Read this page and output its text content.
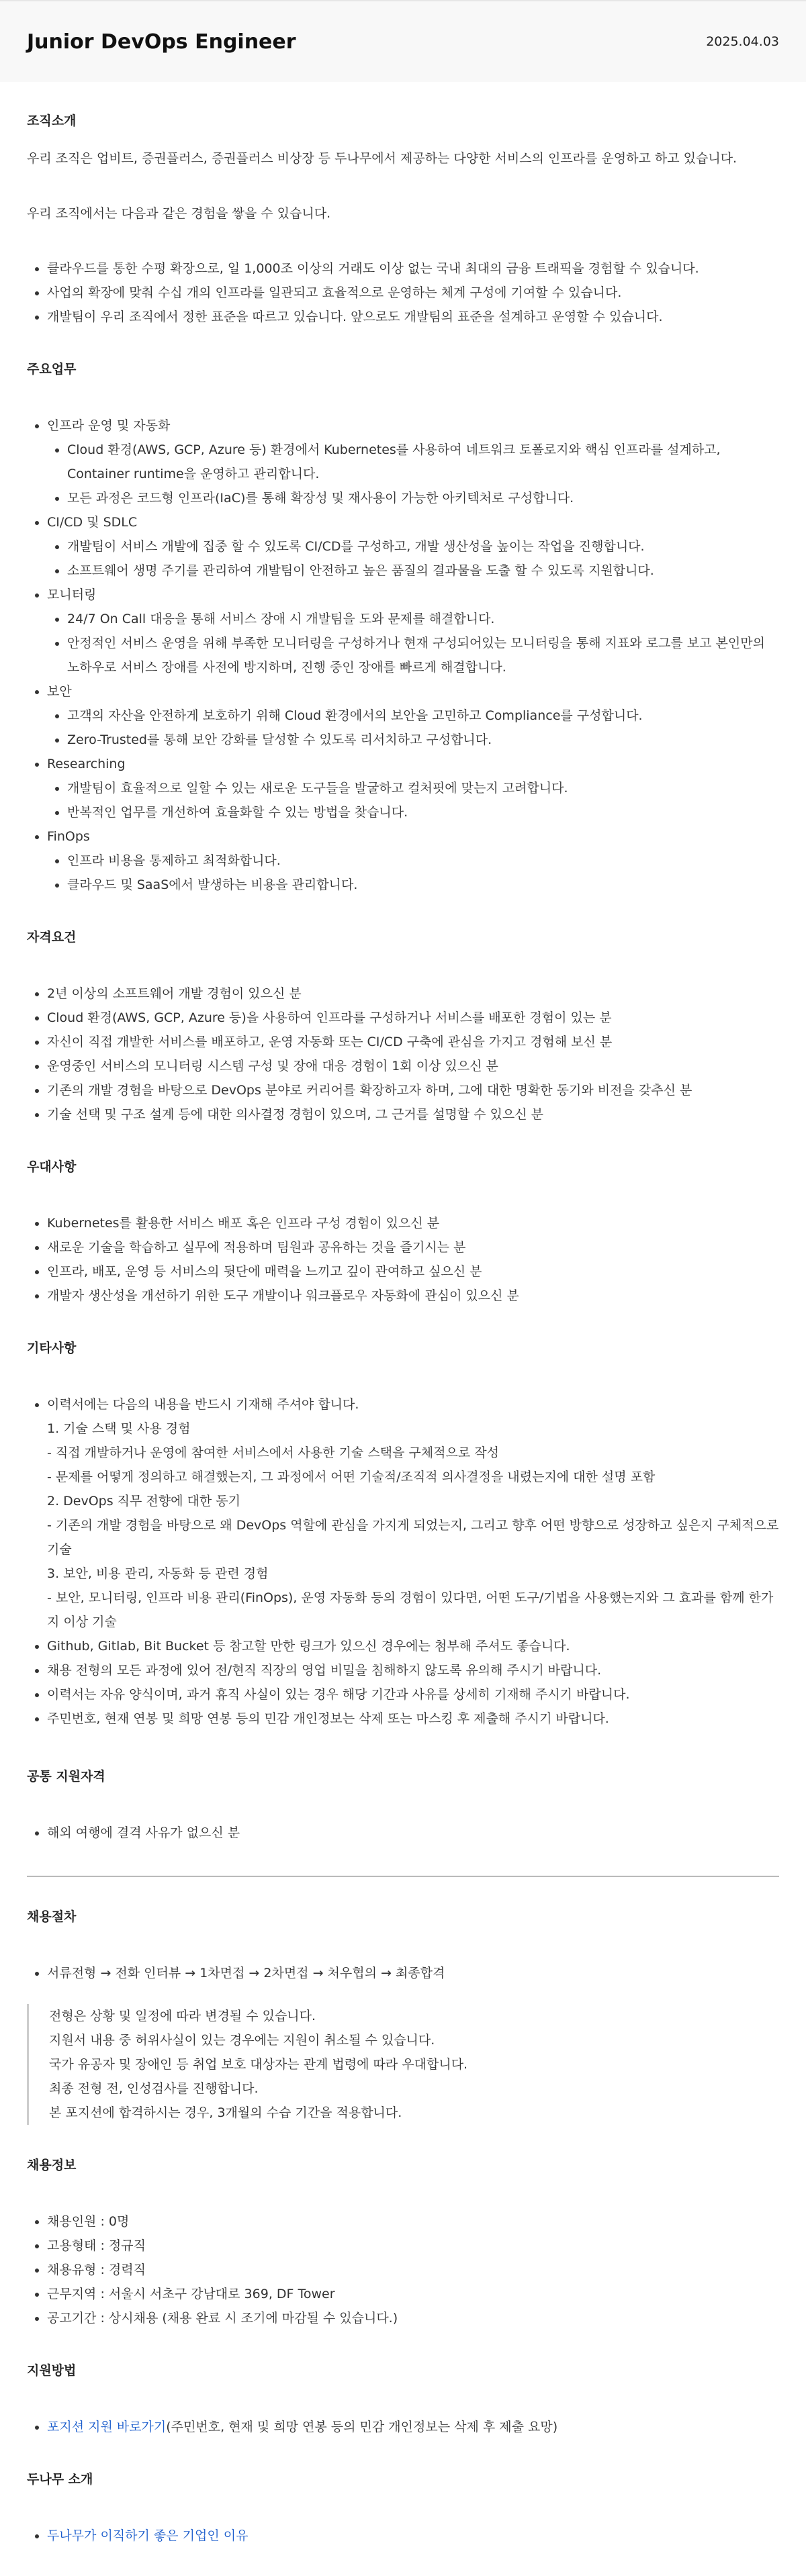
Junior DevOps Engineer	2025.04.03
조직소개

우리 조직은 업비트, 증권플러스, 증권플러스 비상장 등 두나무에서 제공하는 다양한 서비스의 인프라를 운영하고 하고 있습니다.

우리 조직에서는 다음과 같은 경험을 쌓을 수 있습니다.

• 클라우드를 통한 수평 확장으로, 일 1,000조 이상의 거래도 이상 없는 국내 최대의 금융 트래픽을 경험할 수 있습니다.
• 사업의 확장에 맞춰 수십 개의 인프라를 일관되고 효율적으로 운영하는 체계 구성에 기여할 수 있습니다.
• 개발팀이 우리 조직에서 정한 표준을 따르고 있습니다. 앞으로도 개발팀의 표준을 설계하고 운영할 수 있습니다.
주요업무
• 인프라 운영 및 자동화
• Cloud 환경(AWS, GCP, Azure 등) 환경에서 Kubernetes를 사용하여 네트워크 토폴로지와 핵심 인프라를 설계하고, Container runtime을 운영하고 관리합니다.
• 모든 과정은 코드형 인프라(IaC)를 통해 확장성 및 재사용이 가능한 아키텍처로 구성합니다.
• CI/CD 및 SDLC
• 개발팀이 서비스 개발에 집중 할 수 있도록 CI/CD를 구성하고, 개발 생산성을 높이는 작업을 진행합니다.
• 소프트웨어 생명 주기를 관리하여 개발팀이 안전하고 높은 품질의 결과물을 도출 할 수 있도록 지원합니다.
• 모니터링
• 24/7 On Call 대응을 통해 서비스 장애 시 개발팀을 도와 문제를 해결합니다.
• 안정적인 서비스 운영을 위해 부족한 모니터링을 구성하거나 현재 구성되어있는 모니터링을 통해 지표와 로그를 보고 본인만의 노하우로 서비스 장애를 사전에 방지하며, 진행 중인 장애를 빠르게 해결합니다.
• 보안
• 고객의 자산을 안전하게 보호하기 위해 Cloud 환경에서의 보안을 고민하고 Compliance를 구성합니다.
• Zero-Trusted를 통해 보안 강화를 달성할 수 있도록 리서치하고 구성합니다.
• Researching
• 개발팀이 효율적으로 일할 수 있는 새로운 도구들을 발굴하고 컬처핏에 맞는지 고려합니다.
• 반복적인 업무를 개선하여 효율화할 수 있는 방법을 찾습니다.
• FinOps
• 인프라 비용을 통제하고 최적화합니다.
• 클라우드 및 SaaS에서 발생하는 비용을 관리합니다.
자격요건
• 2년 이상의 소프트웨어 개발 경험이 있으신 분
• Cloud 환경(AWS, GCP, Azure 등)을 사용하여 인프라를 구성하거나 서비스를 배포한 경험이 있는 분
• 자신이 직접 개발한 서비스를 배포하고, 운영 자동화 또는 CI/CD 구축에 관심을 가지고 경험해 보신 분
• 운영중인 서비스의 모니터링 시스템 구성 및 장애 대응 경험이 1회 이상 있으신 분
• 기존의 개발 경험을 바탕으로 DevOps 분야로 커리어를 확장하고자 하며, 그에 대한 명확한 동기와 비전을 갖추신 분
• 기술 선택 및 구조 설계 등에 대한 의사결정 경험이 있으며, 그 근거를 설명할 수 있으신 분
우대사항
• Kubernetes를 활용한 서비스 배포 혹은 인프라 구성 경험이 있으신 분
• 새로운 기술을 학습하고 실무에 적용하며 팀원과 공유하는 것을 즐기시는 분
• 인프라, 배포, 운영 등 서비스의 뒷단에 매력을 느끼고 깊이 관여하고 싶으신 분
• 개발자 생산성을 개선하기 위한 도구 개발이나 워크플로우 자동화에 관심이 있으신 분
기타사항
• 이력서에는 다음의 내용을 반드시 기재해 주셔야 합니다.
1. 기술 스택 및 사용 경험
- 직접 개발하거나 운영에 참여한 서비스에서 사용한 기술 스택을 구체적으로 작성
- 문제를 어떻게 정의하고 해결했는지, 그 과정에서 어떤 기술적/조직적 의사결정을 내렸는지에 대한 설명 포함
2. DevOps 직무 전향에 대한 동기
- 기존의 개발 경험을 바탕으로 왜 DevOps 역할에 관심을 가지게 되었는지, 그리고 향후 어떤 방향으로 성장하고 싶은지 구체적으로 기술
3. 보안, 비용 관리, 자동화 등 관련 경험
- 보안, 모니터링, 인프라 비용 관리(FinOps), 운영 자동화 등의 경험이 있다면, 어떤 도구/기법을 사용했는지와 그 효과를 함께 한가지 이상 기술
• Github, Gitlab, Bit Bucket 등 참고할 만한 링크가 있으신 경우에는 첨부해 주셔도 좋습니다.
• 채용 전형의 모든 과정에 있어 전/현직 직장의 영업 비밀을 침해하지 않도록 유의해 주시기 바랍니다.
• 이력서는 자유 양식이며, 과거 휴직 사실이 있는 경우 해당 기간과 사유를 상세히 기재해 주시기 바랍니다.
• 주민번호, 현재 연봉 및 희망 연봉 등의 민감 개인정보는 삭제 또는 마스킹 후 제출해 주시기 바랍니다.
공통 지원자격
• 해외 여행에 결격 사유가 없으신 분
채용절차
• 서류전형 → 전화 인터뷰 → 1차면접 → 2차면접 → 처우협의 → 최종합격
전형은 상황 및 일정에 따라 변경될 수 있습니다.
지원서 내용 중 허위사실이 있는 경우에는 지원이 취소될 수 있습니다.
국가 유공자 및 장애인 등 취업 보호 대상자는 관계 법령에 따라 우대합니다.
최종 전형 전, 인성검사를 진행합니다.
본 포지션에 합격하시는 경우, 3개월의 수습 기간을 적용합니다.
채용정보
• 채용인원 : 0명
• 고용형태 : 정규직
• 채용유형 : 경력직
• 근무지역 : 서울시 서초구 강남대로 369, DF Tower
• 공고기간 : 상시채용 (채용 완료 시 조기에 마감될 수 있습니다.)
지원방법
• 포지션 지원 바로가기(주민번호, 현재 및 희망 연봉 등의 민감 개인정보는 삭제 후 제출 요망)
두나무 소개
• 두나무가 이직하기 좋은 기업인 이유
